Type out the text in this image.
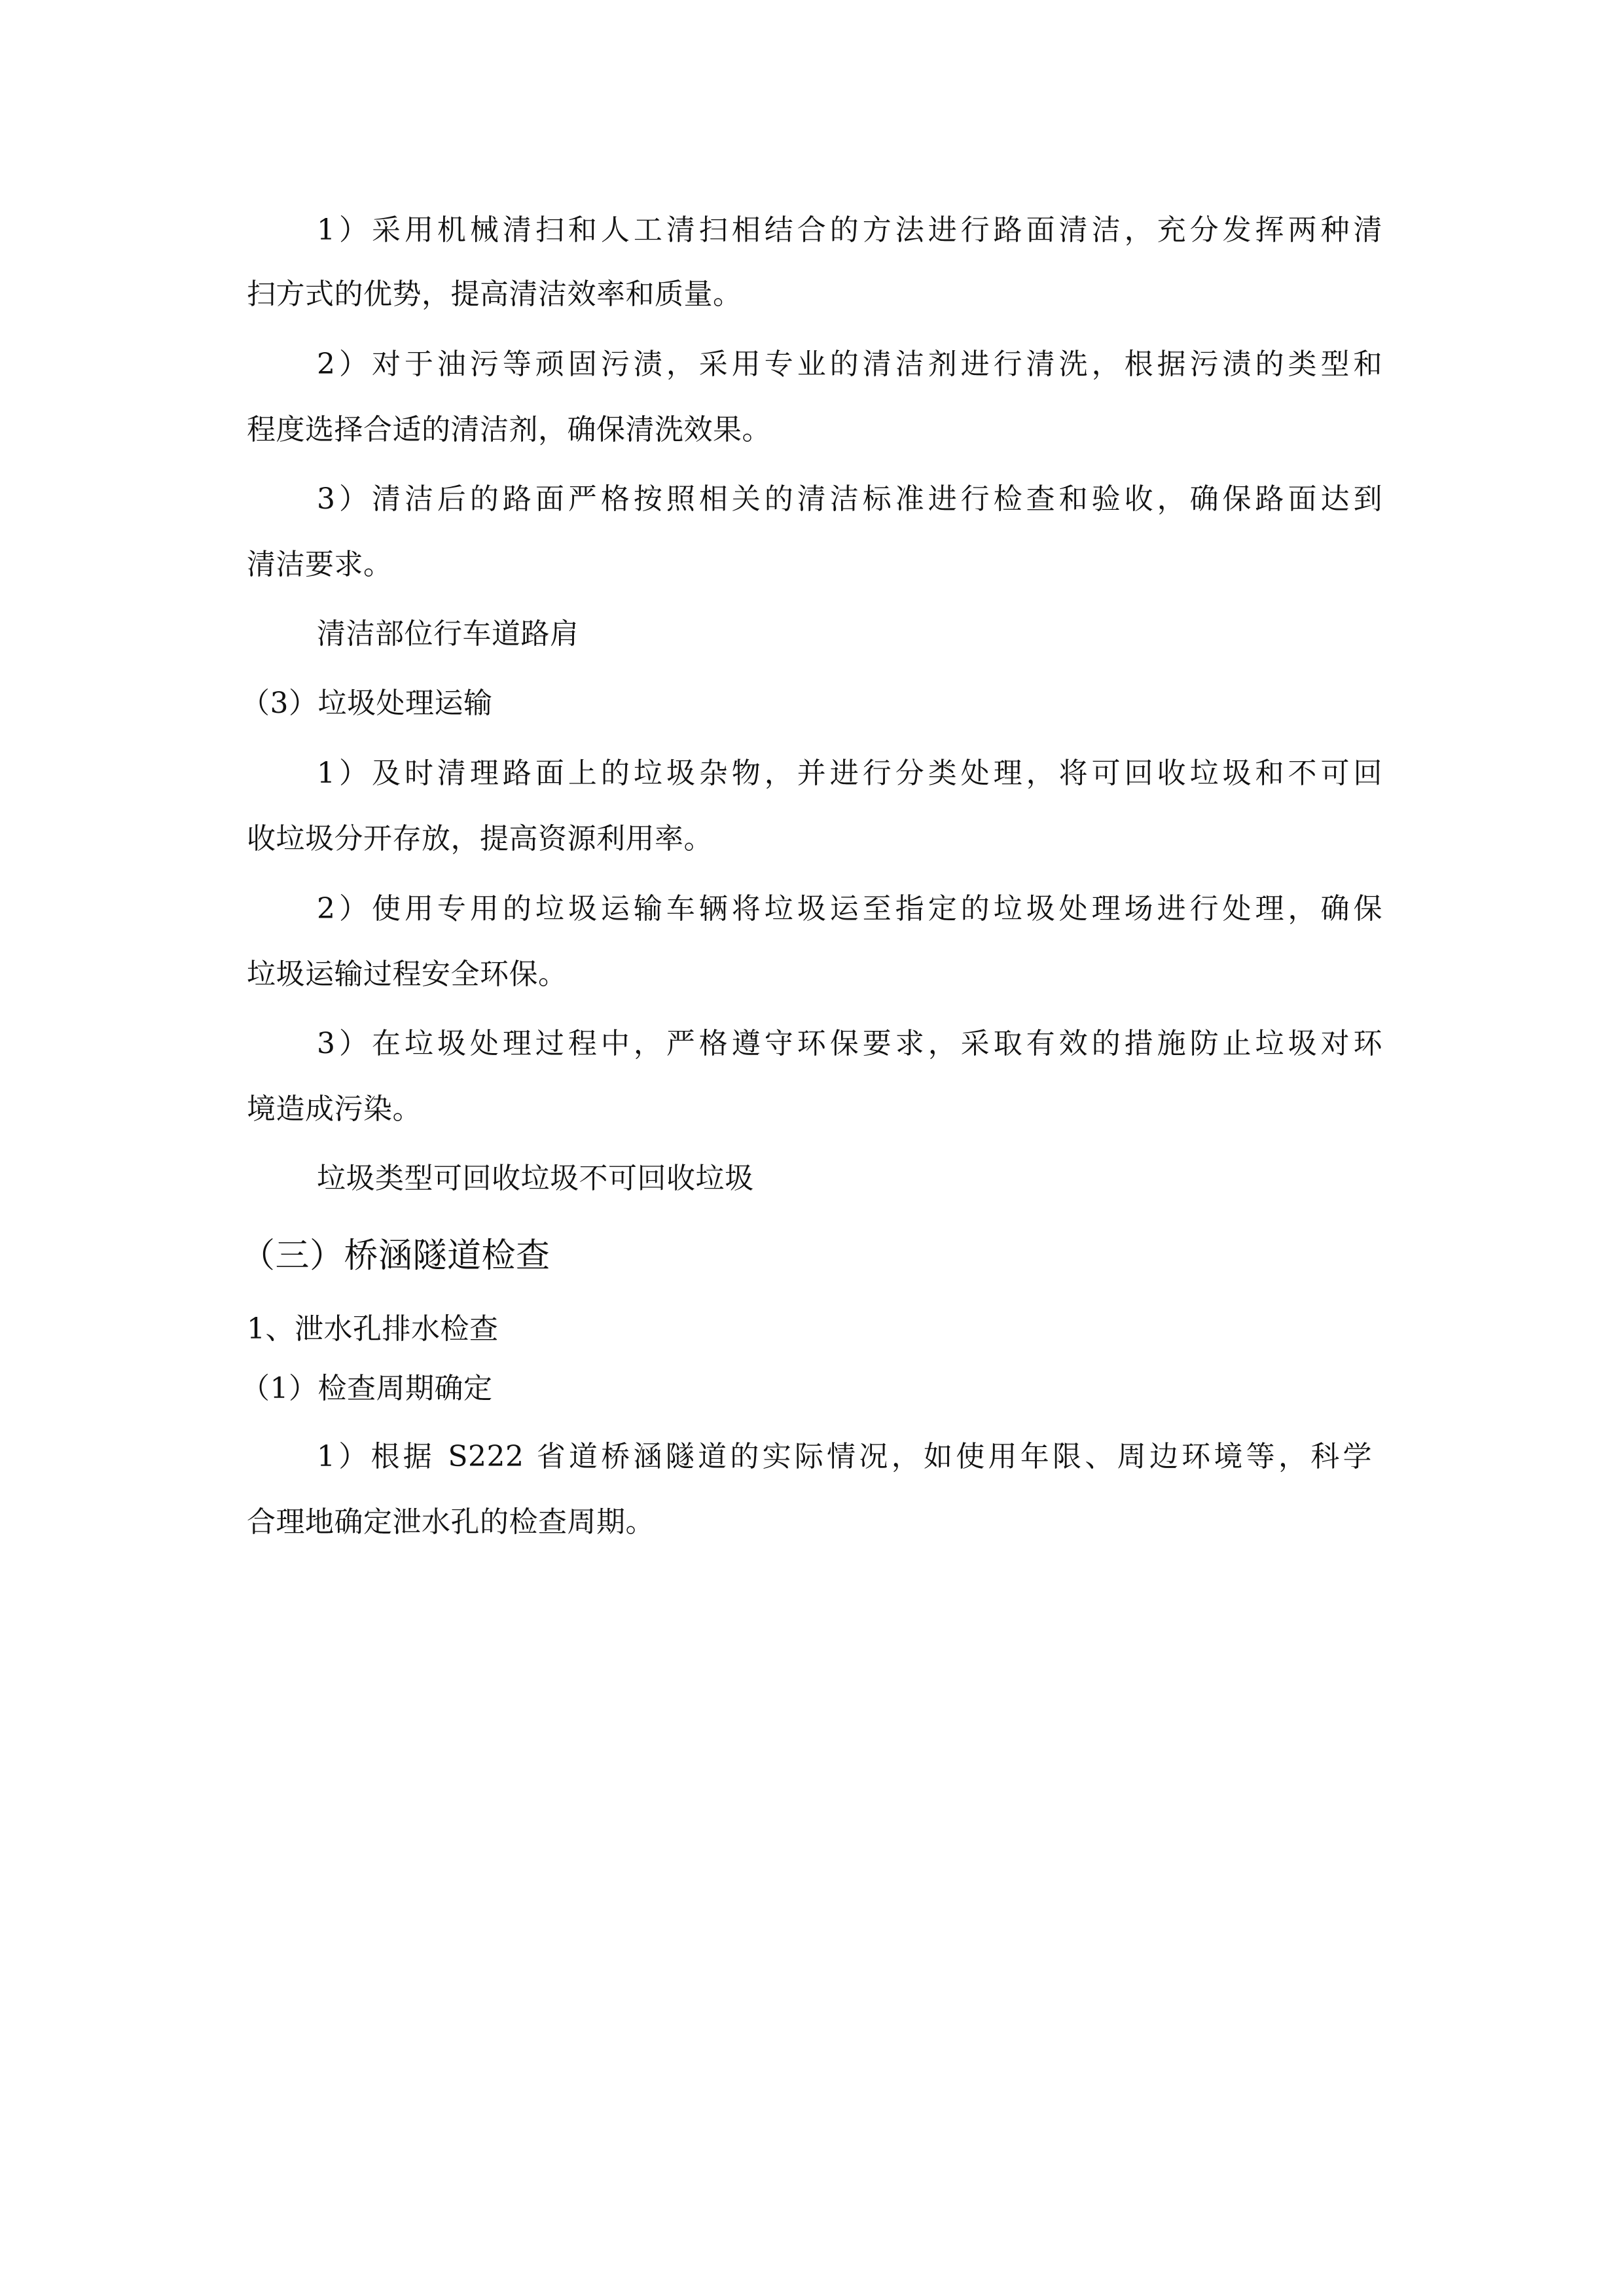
1）采用机械清扫和人工清扫相结合的方法进行路面清洁，充分发挥两种清
扫方式的优势，提高清洁效率和质量。
2）对于油污等顽固污渍，采用专业的清洁剂进行清洗，根据污渍的类型和
程度选择合适的清洁剂，确保清洗效果。
3）清洁后的路面严格按照相关的清洁标准进行检查和验收，确保路面达到
清洁要求。
清洁部位行车道路肩
（3）垃圾处理运输
1）及时清理路面上的垃圾杂物，并进行分类处理，将可回收垃圾和不可回
收垃圾分开存放，提高资源利用率。
2）使用专用的垃圾运输车辆将垃圾运至指定的垃圾处理场进行处理，确保
垃圾运输过程安全环保。
3）在垃圾处理过程中，严格遵守环保要求，采取有效的措施防止垃圾对环
境造成污染。
垃圾类型可回收垃圾不可回收垃圾
（三）桥涵隧道检查
1、泄水孔排水检查
（1）检查周期确定
1）根据 S222 省道桥涵隧道的实际情况，如使用年限、周边环境等，科学
合理地确定泄水孔的检查周期。
